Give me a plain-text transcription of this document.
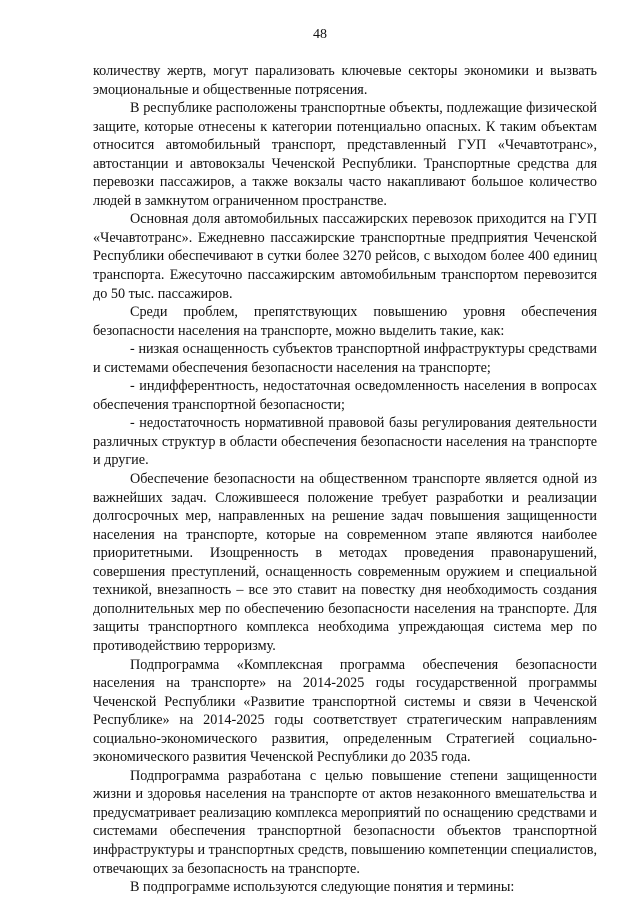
48

количеству жертв, могут парализовать ключевые секторы экономики и вызвать эмоциональные и общественные потрясения.

В республике расположены транспортные объекты, подлежащие физической защите, которые отнесены к категории потенциально опасных. К таким объектам относится автомобильный транспорт, представленный ГУП «Чечавтотранс», автостанции и автовокзалы Чеченской Республики. Транспортные средства для перевозки пассажиров, а также вокзалы часто накапливают большое количество людей в замкнутом ограниченном пространстве.

Основная доля автомобильных пассажирских перевозок приходится на ГУП «Чечавтотранс». Ежедневно пассажирские транспортные предприятия Чеченской Республики обеспечивают в сутки более 3270 рейсов, с выходом более 400 единиц транспорта. Ежесуточно пассажирским автомобильным транспортом перевозится до 50 тыс. пассажиров.

Среди проблем, препятствующих повышению уровня обеспечения безопасности населения на транспорте, можно выделить такие, как:

- низкая оснащенность субъектов транспортной инфраструктуры средствами и системами обеспечения безопасности населения на транспорте;

- индифферентность, недостаточная осведомленность населения в вопросах обеспечения транспортной безопасности;

- недостаточность нормативной правовой базы регулирования деятельности различных структур в области обеспечения безопасности населения на транспорте и другие.

Обеспечение безопасности на общественном транспорте является одной из важнейших задач. Сложившееся положение требует разработки и реализации долгосрочных мер, направленных на решение задач повышения защищенности населения на транспорте, которые на современном этапе являются наиболее приоритетными. Изощренность в методах проведения правонарушений, совершения преступлений, оснащенность современным оружием и специальной техникой, внезапность – все это ставит на повестку дня необходимость создания дополнительных мер по обеспечению безопасности населения на транспорте. Для защиты транспортного комплекса необходима упреждающая система мер по противодействию терроризму.

Подпрограмма «Комплексная программа обеспечения безопасности населения на транспорте» на 2014-2025 годы государственной программы Чеченской Республики «Развитие транспортной системы и связи в Чеченской Республике» на 2014-2025 годы соответствует стратегическим направлениям социально-экономического развития, определенным Стратегией социально-экономического развития Чеченской Республики до 2035 года.

Подпрограмма разработана с целью повышение степени защищенности жизни и здоровья населения на транспорте от актов незаконного вмешательства и предусматривает реализацию комплекса мероприятий по оснащению средствами и системами обеспечения транспортной безопасности объектов транспортной инфраструктуры и транспортных средств, повышению компетенции специалистов, отвечающих за безопасность на транспорте.

В подпрограмме используются следующие понятия и термины:
